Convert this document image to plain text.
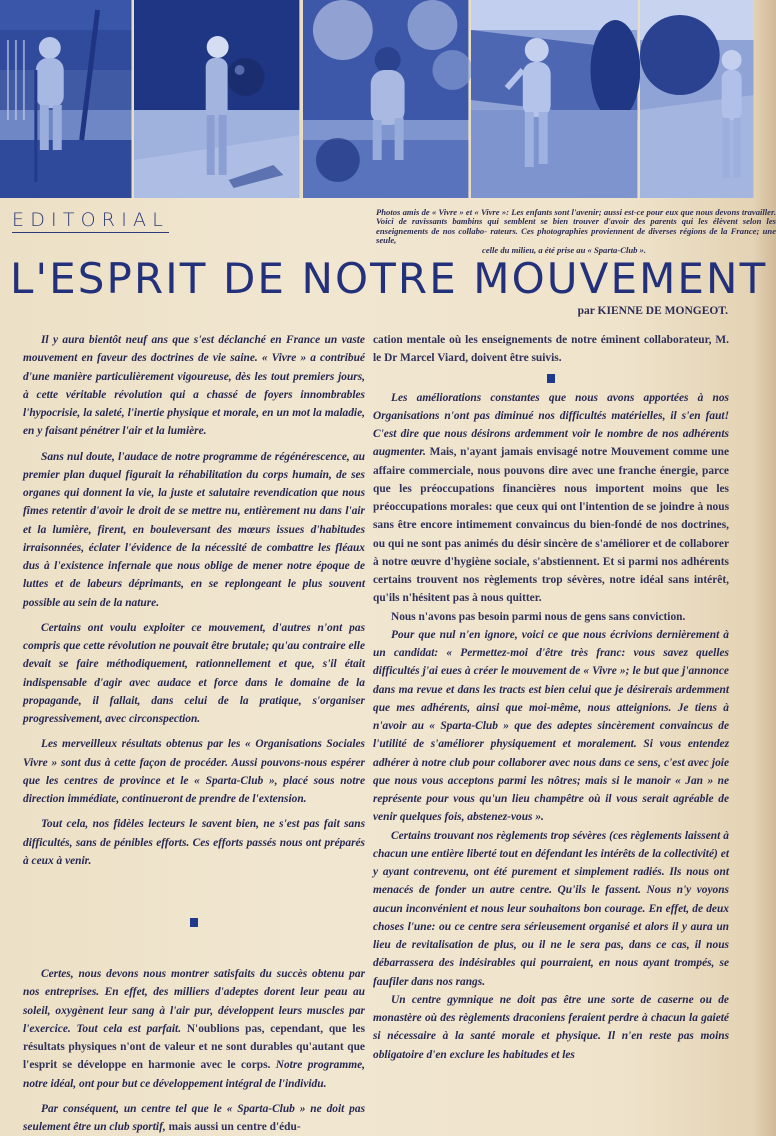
EDITORIAL	Photos amis de « Vivre » et « Vivre »: Les enfants sont l'avenir; aussi est-ce pour eux que nous devons travailler. Voici de ravissants bambins qui semblent se bien trouver d'avoir des parents qui les élèvent selon les enseignements de nos collabo- rateurs. Ces photographies proviennent de diverses régions de la France; une seule,
celle du milieu, a été prise au « Sparta-Club ».
L'ESPRIT DE NOTRE MOUVEMENT
par KIENNE DE MONGEOT.

Il y aura bientôt neuf ans que s'est déclanché en France un vaste mouvement en faveur des doctrines de vie saine. « Vivre » a contribué d'une manière particulièrement vigoureuse, dès les tout premiers jours, à cette véritable révolution qui a chassé de foyers innombrables l'hypocrisie, la saleté, l'inertie physique et morale, en un mot la maladie, en y faisant pénétrer l'air et la lumière.

Sans nul doute, l'audace de notre programme de régénérescence, au premier plan duquel figurait la réhabilitation du corps humain, de ses organes qui donnent la vie, la juste et salutaire revendication que nous fîmes retentir d'avoir le droit de se mettre nu, entièrement nu dans l'air et la lumière, firent, en bouleversant des mœurs issues d'habitudes irraisonnées, éclater l'évidence de la nécessité de combattre les fléaux dus à l'existence infernale que nous oblige de mener notre époque de luttes et de labeurs déprimants, en se replongeant le plus souvent possible au sein de la nature.

Certains ont voulu exploiter ce mouvement, d'autres n'ont pas compris que cette révolution ne pouvait être brutale; qu'au contraire elle devait se faire méthodiquement, rationnellement et que, s'il était indispensable d'agir avec audace et force dans le domaine de la propagande, il fallait, dans celui de la pratique, s'organiser progressivement, avec circonspection.

Les merveilleux résultats obtenus par les « Organisations Sociales Vivre » sont dus à cette façon de procéder. Aussi pouvons-nous espérer que les centres de province et le « Sparta-Club », placé sous notre direction immédiate, continueront de prendre de l'extension.

Tout cela, nos fidèles lecteurs le savent bien, ne s'est pas fait sans difficultés, sans de pénibles efforts. Ces efforts passés nous ont préparés à ceux à venir.

Certes, nous devons nous montrer satisfaits du succès obtenu par nos entreprises. En effet, des milliers d'adeptes dorent leur peau au soleil, oxygènent leur sang à l'air pur, développent leurs muscles par l'exercice. Tout cela est parfait. N'oublions pas, cependant, que les résultats physiques n'ont de valeur et ne sont durables qu'autant que l'esprit se développe en harmonie avec le corps. Notre programme, notre idéal, ont pour but ce développement intégral de l'individu.

Par conséquent, un centre tel que le « Sparta-Club » ne doit pas seulement être un club sportif, mais aussi un centre d'édu-

cation mentale où les enseignements de notre éminent collaborateur, M. le Dr Marcel Viard, doivent être suivis.

Les améliorations constantes que nous avons apportées à nos Organisations n'ont pas diminué nos difficultés matérielles, il s'en faut! C'est dire que nous désirons ardemment voir le nombre de nos adhérents augmenter. Mais, n'ayant jamais envisagé notre Mouvement comme une affaire commerciale, nous pouvons dire avec une franche énergie, parce que les préoccupations financières nous importent moins que les préoccupations morales: que ceux qui ont l'intention de se joindre à nous sans être encore intimement convaincus du bien-fondé de nos doctrines, ou qui ne sont pas animés du désir sincère de s'améliorer et de collaborer à notre œuvre d'hygiène sociale, s'abstiennent. Et si parmi nos adhérents certains trouvent nos règlements trop sévères, notre idéal sans intérêt, qu'ils n'hésitent pas à nous quitter.

Nous n'avons pas besoin parmi nous de gens sans conviction.

Pour que nul n'en ignore, voici ce que nous écrivions dernièrement à un candidat: « Permettez-moi d'être très franc: vous savez quelles difficultés j'ai eues à créer le mouvement de « Vivre »; le but que j'annonce dans ma revue et dans les tracts est bien celui que je désirerais ardemment que mes adhérents, ainsi que moi-même, nous atteignions. Je tiens à n'avoir au « Sparta-Club » que des adeptes sincèrement convaincus de l'utilité de s'améliorer physiquement et moralement. Si vous entendez adhérer à notre club pour collaborer avec nous dans ce sens, c'est avec joie que nous vous acceptons parmi les nôtres; mais si le manoir « Jan » ne représente pour vous qu'un lieu champêtre où il vous serait agréable de venir quelques fois, abstenez-vous ».

Certains trouvant nos règlements trop sévères (ces règlements laissent à chacun une entière liberté tout en défendant les intérêts de la collectivité) et y ayant contrevenu, ont été purement et simplement radiés. Ils nous ont menacés de fonder un autre centre. Qu'ils le fassent. Nous n'y voyons aucun inconvénient et nous leur souhaitons bon courage. En effet, de deux choses l'une: ou ce centre sera sérieusement organisé et alors il y aura un lieu de revitalisation de plus, ou il ne le sera pas, dans ce cas, il nous débarrassera des indésirables qui pourraient, en nous ayant trompés, se faufiler dans nos rangs.

Un centre gymnique ne doit pas être une sorte de caserne ou de monastère où des règlements draconiens feraient perdre à chacun la gaieté si nécessaire à la santé morale et physique. Il n'en reste pas moins obligatoire d'en exclure les habitudes et les
